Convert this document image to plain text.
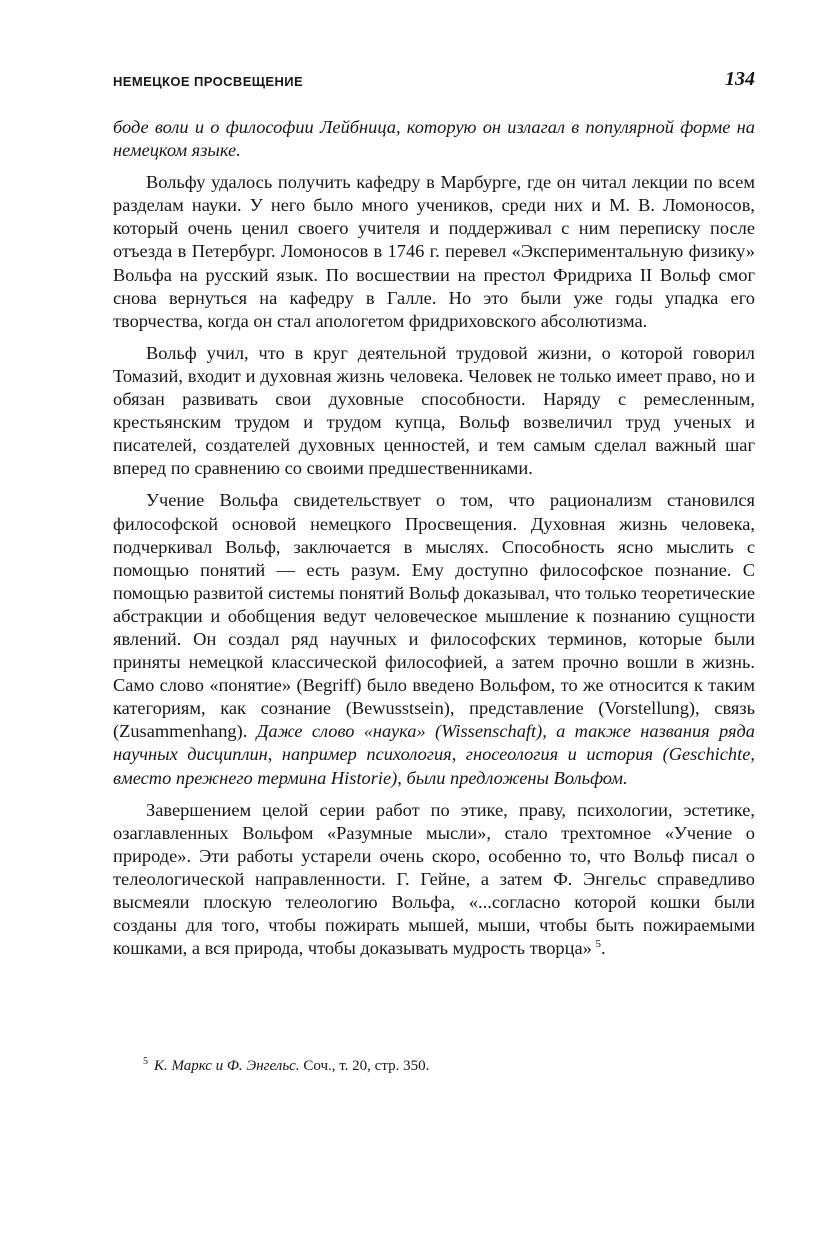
НЕМЕЦКОЕ ПРОСВЕЩЕНИЕ	134

боде воли и о философии Лейбница, которую он излагал в популярной форме на немецком языке.

Вольфу удалось получить кафедру в Марбурге, где он читал лекции по всем разделам науки. У него было много учеников, среди них и М. В. Ломоносов, который очень ценил своего учителя и поддерживал с ним переписку после отъезда в Петербург. Ломоносов в 1746 г. перевел «Экспериментальную физику» Вольфа на русский язык. По восшествии на престол Фридриха II Вольф смог снова вернуться на кафедру в Галле. Но это были уже годы упадка его творчества, когда он стал апологетом фридриховского абсолютизма.

Вольф учил, что в круг деятельной трудовой жизни, о которой говорил Томазий, входит и духовная жизнь человека. Человек не только имеет право, но и обязан развивать свои духовные способности. Наряду с ремесленным, крестьянским трудом и трудом купца, Вольф возвеличил труд ученых и писателей, создателей духовных ценностей, и тем самым сделал важный шаг вперед по сравнению со своими предшественниками.

Учение Вольфа свидетельствует о том, что рационализм становился философской основой немецкого Просвещения. Духовная жизнь человека, подчеркивал Вольф, заключается в мыслях. Способность ясно мыслить с помощью понятий — есть разум. Ему доступно философское познание. С помощью развитой системы понятий Вольф доказывал, что только теоретические абстракции и обобщения ведут человеческое мышление к познанию сущности явлений. Он создал ряд научных и философских терминов, которые были приняты немецкой классической философией, а затем прочно вошли в жизнь. Само слово «понятие» (Begriff) было введено Вольфом, то же относится к таким категориям, как сознание (Bewusstsein), представление (Vorstellung), связь (Zusammenhang). Даже слово «наука» (Wissenschaft), а также названия ряда научных дисциплин, например психология, гносеология и история (Geschichte, вместо прежнего термина Historie), были предложены Вольфом.

Завершением целой серии работ по этике, праву, психологии, эстетике, озаглавленных Вольфом «Разумные мысли», стало трехтомное «Учение о природе». Эти работы устарели очень скоро, особенно то, что Вольф писал о телеологической направленности. Г. Гейне, а затем Ф. Энгельс справедливо высмеяли плоскую телеологию Вольфа, «...согласно которой кошки были созданы для того, чтобы пожирать мышей, мыши, чтобы быть пожираемыми кошками, а вся природа, чтобы доказывать мудрость творца»  $^5$.

$^5$ К. Маркс и Ф. Энгельс. Соч., т. 20, стр. 350.
